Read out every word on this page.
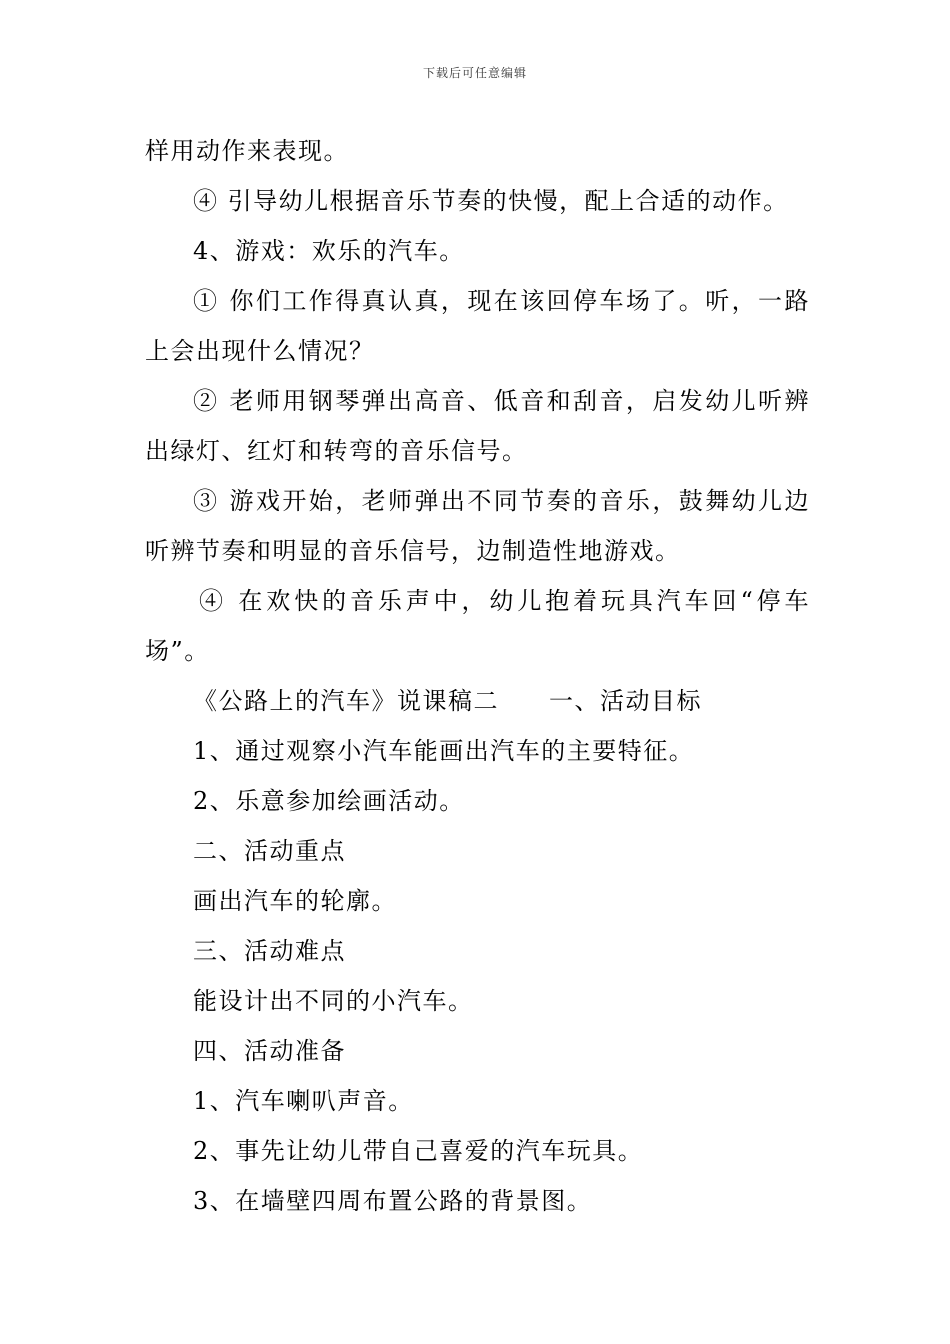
下载后可任意编辑
样用动作来表现。
④ 引导幼儿根据音乐节奏的快慢，配上合适的动作。
4、游戏：欢乐的汽车。
① 你们工作得真认真，现在该回停车场了。听，一路
上会出现什么情况？
② 老师用钢琴弹出高音、低音和刮音，启发幼儿听辨
出绿灯、红灯和转弯的音乐信号。
③ 游戏开始，老师弹出不同节奏的音乐，鼓舞幼儿边
听辨节奏和明显的音乐信号，边制造性地游戏。
④ 在欢快的音乐声中，幼儿抱着玩具汽车回“停车
场”。
《公路上的汽车》说课稿二 一、活动目标
1、通过观察小汽车能画出汽车的主要特征。
2、乐意参加绘画活动。
二、活动重点
画出汽车的轮廓。
三、活动难点
能设计出不同的小汽车。
四、活动准备
1、汽车喇叭声音。
2、事先让幼儿带自己喜爱的汽车玩具。
3、在墙壁四周布置公路的背景图。
